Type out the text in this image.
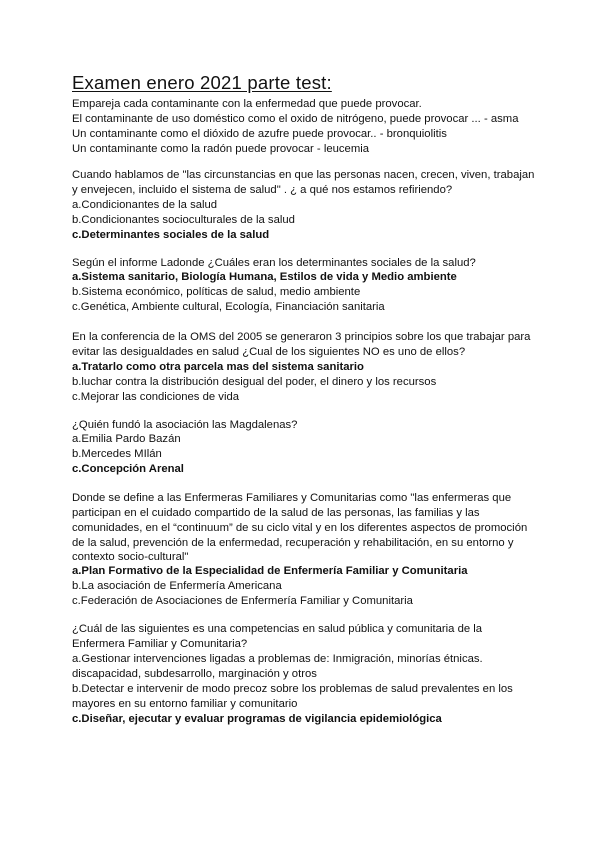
Examen enero 2021 parte test:
Empareja cada contaminante con la enfermedad que puede provocar.
El contaminante de uso doméstico como el oxido de nitrógeno, puede provocar ... - asma
Un contaminante como el dióxido de azufre puede provocar.. - bronquiolitis
Un contaminante como la radón puede provocar - leucemia
Cuando hablamos de "las circunstancias en que las personas nacen, crecen, viven, trabajan
y envejecen, incluido el sistema de salud" . ¿ a qué nos estamos refiriendo?
a.Condicionantes de la salud
b.Condicionantes socioculturales de la salud
c.Determinantes sociales de la salud
Según el informe Ladonde ¿Cuáles eran los determinantes sociales de la salud?
a.Sistema sanitario, Biología Humana, Estilos de vida y Medio ambiente
b.Sistema económico, políticas de salud, medio ambiente
c.Genética, Ambiente cultural, Ecología, Financiación sanitaria
En la conferencia de la OMS del 2005 se generaron 3 principios sobre los que trabajar para
evitar las desigualdades en salud ¿Cual de los siguientes NO es uno de ellos?
a.Tratarlo como otra parcela mas del sistema sanitario
b.luchar contra la distribución desigual del poder, el dinero y los recursos
c.Mejorar las condiciones de vida
¿Quién fundó la asociación las Magdalenas?
a.Emilia Pardo Bazán
b.Mercedes MIlán
c.Concepción Arenal
Donde se define a las Enfermeras Familiares y Comunitarias como "las enfermeras que
participan en el cuidado compartido de la salud de las personas, las familias y las
comunidades, en el “continuum” de su ciclo vital y en los diferentes aspectos de promoción
de la salud, prevención de la enfermedad, recuperación y rehabilitación, en su entorno y
contexto socio-cultural"
a.Plan Formativo de la Especialidad de Enfermería Familiar y Comunitaria
b.La asociación de Enfermería Americana
c.Federación de Asociaciones de Enfermería Familiar y Comunitaria
¿Cuál de las siguientes es una competencias en salud pública y comunitaria de la
Enfermera Familiar y Comunitaria?
a.Gestionar intervenciones ligadas a problemas de: Inmigración, minorías étnicas.
discapacidad, subdesarrollo, marginación y otros
b.Detectar e intervenir de modo precoz sobre los problemas de salud prevalentes en los
mayores en su entorno familiar y comunitario
c.Diseñar, ejecutar y evaluar programas de vigilancia epidemiológica
